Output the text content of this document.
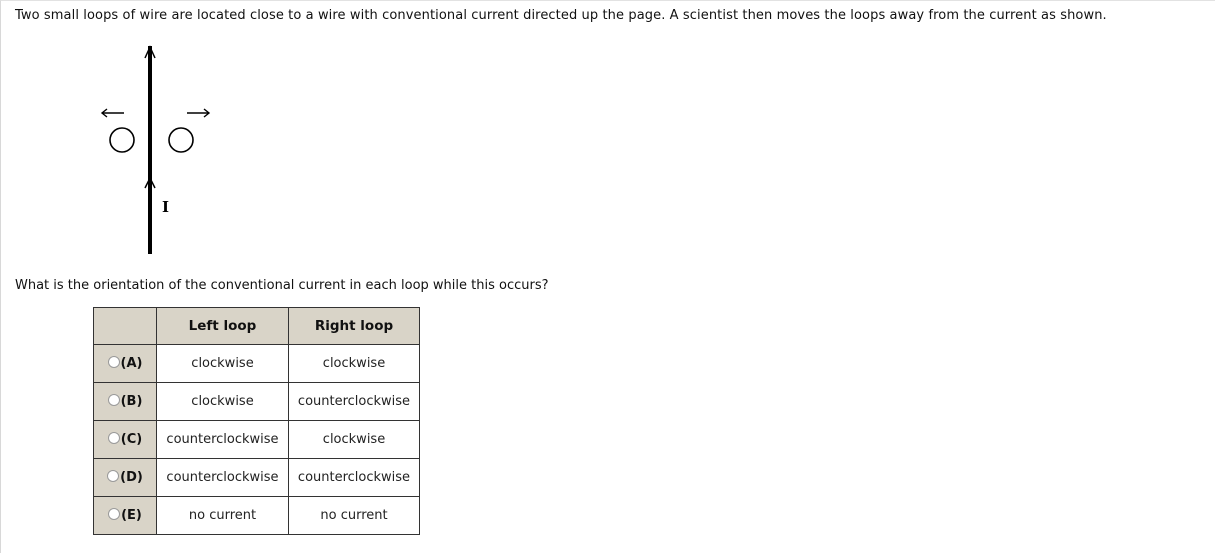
Two small loops of wire are located close to a wire with conventional current directed up the page. A scientist then moves the loops away from the current as shown.
I
What is the orientation of the conventional current in each loop while this occurs?
	Left loop	Right loop
(A)	clockwise	clockwise
(B)	clockwise	counterclockwise
(C)	counterclockwise	clockwise
(D)	counterclockwise	counterclockwise
(E)	no current	no current
